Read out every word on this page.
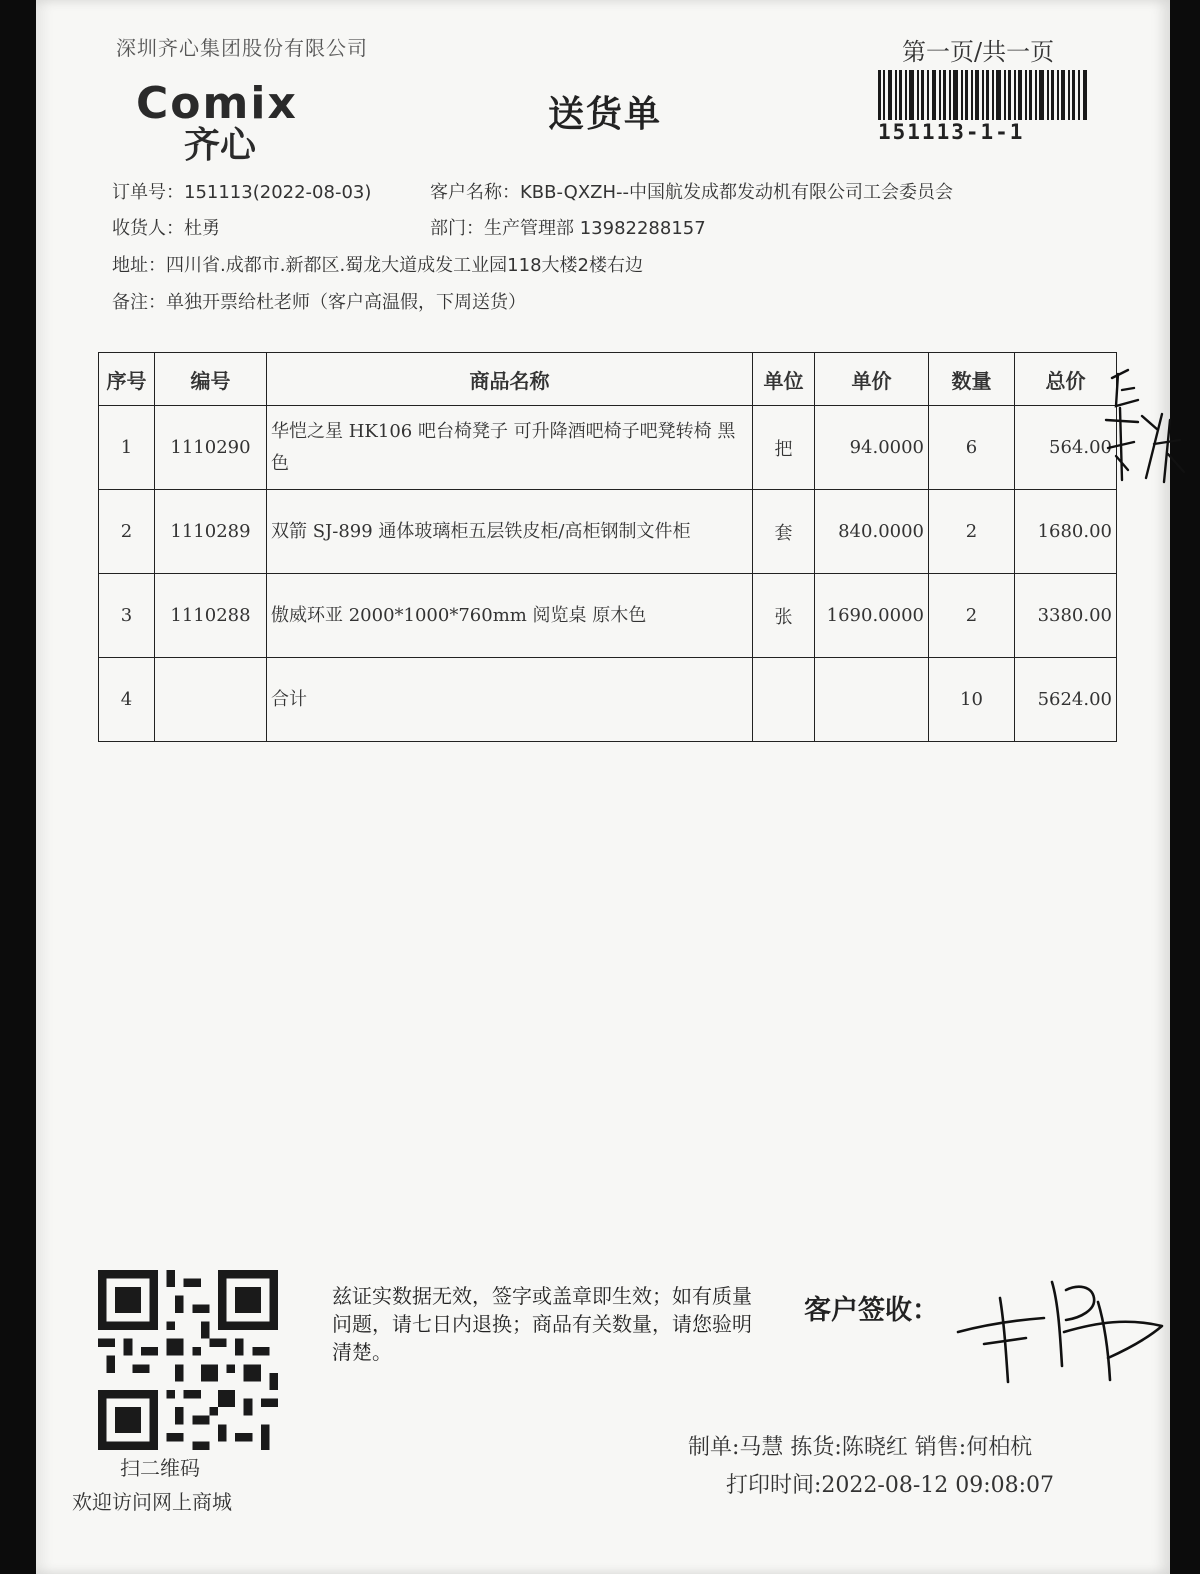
深圳齐心集团股份有限公司	第一页/共一页
Comix
齐心
送货单	151113-1-1
订单号：151113(2022-08-03)	客户名称：KBB-QXZH--中国航发成都发动机有限公司工会委员会
收货人：杜勇	部门：生产管理部 13982288157
地址：四川省.成都市.新都区.蜀龙大道成发工业园118大楼2楼右边
备注：单独开票给杜老师（客户高温假，下周送货）
序号	编号	商品名称	单位	单价	数量	总价
1	1110290	华恺之星 HK106 吧台椅凳子 可升降酒吧椅子吧凳转椅 黑色	把	94.0000	6	564.00
2	1110289	双箭 SJ-899 通体玻璃柜五层铁皮柜/高柜钢制文件柜	套	840.0000	2	1680.00
3	1110288	傲威环亚 2000*1000*760mm 阅览桌 原木色	张	1690.0000	2	3380.00
4		合计			10	5624.00
扫二维码
欢迎访问网上商城
兹证实数据无效，签字或盖章即生效；如有质量问题，请七日内退换；商品有关数量，请您验明清楚。
客户签收：
制单:马慧 拣货:陈晓红 销售:何柏杭
打印时间:2022-08-12 09:08:07
